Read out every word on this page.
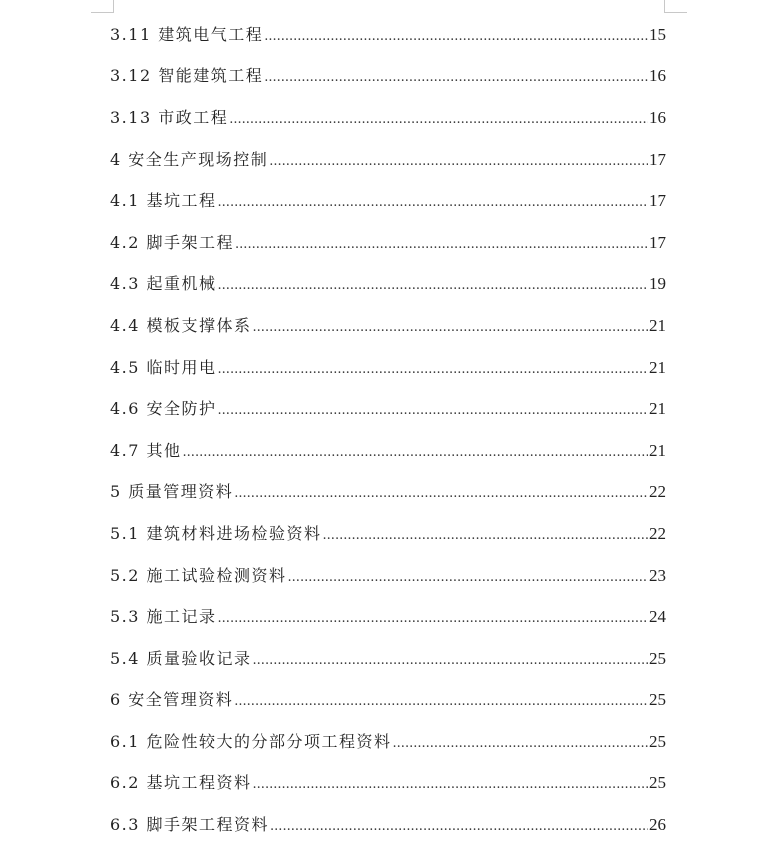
3.11 建筑电气工程 .....	15
3.12 智能建筑工程 .....	16
3.13 市政工程 .....	16
4 安全生产现场控制 .....	17
4.1 基坑工程 .....	17
4.2 脚手架工程 .....	17
4.3 起重机械 .....	19
4.4 模板支撑体系 .....	21
4.5 临时用电 .....	21
4.6 安全防护 .....	21
4.7 其他 .....	21
5 质量管理资料 .....	22
5.1 建筑材料进场检验资料 .....	22
5.2 施工试验检测资料 .....	23
5.3 施工记录 .....	24
5.4 质量验收记录 .....	25
6 安全管理资料 .....	25
6.1 危险性较大的分部分项工程资料 .....	25
6.2 基坑工程资料 .....	25
6.3 脚手架工程资料 .....	26
